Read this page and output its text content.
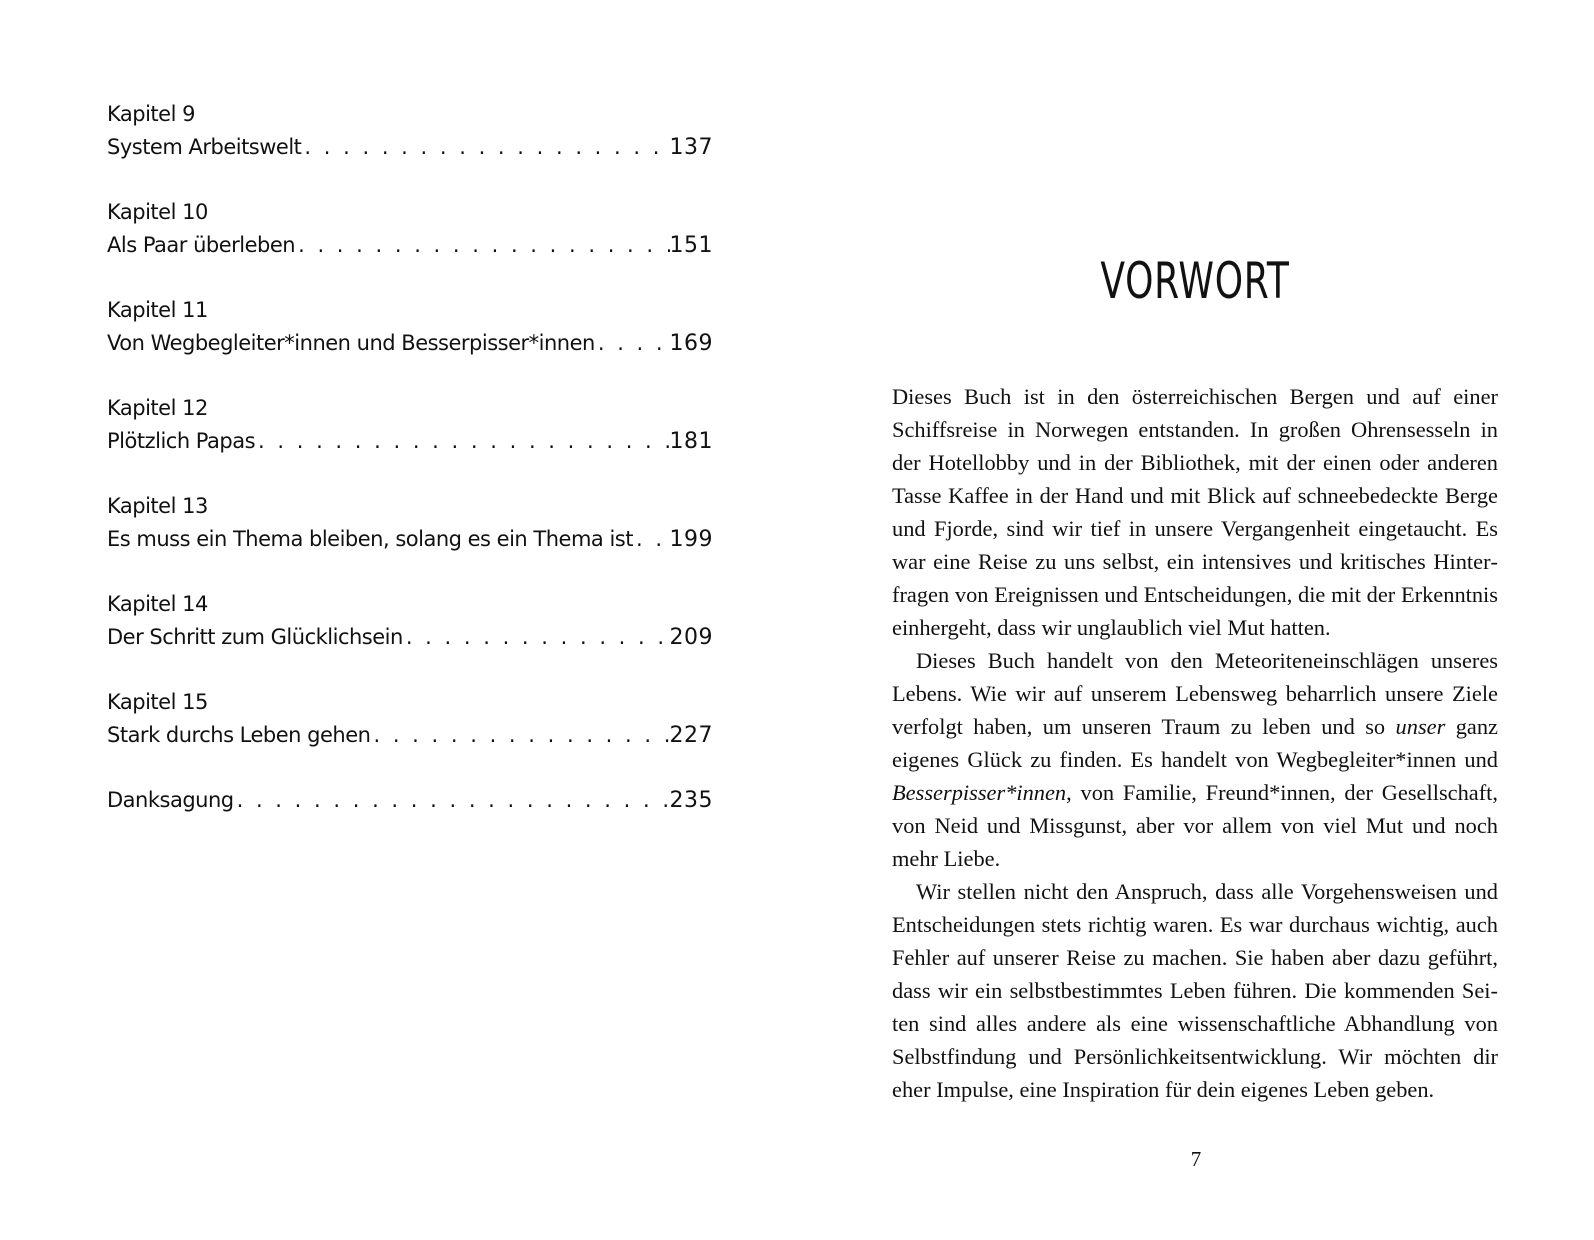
Kapitel 9
System Arbeitswelt . . .	137
Kapitel 10
Als Paar überleben . . .	151
Kapitel 11
Von Wegbegleiter*innen und Besserpisser*innen . . .	169
Kapitel 12
Plötzlich Papas . . .	181
Kapitel 13
Es muss ein Thema bleiben, solang es ein Thema ist . . . 199
Kapitel 14
Der Schritt zum Glücklichsein . . .	209
Kapitel 15
Stark durchs Leben gehen . . .	227
Danksagung . . .	235
VORWORT

Dieses Buch ist in den österreichischen Bergen und auf einer Schiffsreise in Norwegen entstanden. In großen Ohrensesseln in der Hotellobby und in der Bibliothek, mit der einen oder anderen Tasse Kaffee in der Hand und mit Blick auf schneebedeckte Berge und Fjorde, sind wir tief in unsere Vergangenheit eingetaucht. Es war eine Reise zu uns selbst, ein intensives und kritisches Hinterfragen von Ereignissen und Entscheidungen, die mit der Erkenntnis einhergeht, dass wir unglaublich viel Mut hatten.

Dieses Buch handelt von den Meteoriteneinschlägen unseres Lebens. Wie wir auf unserem Lebensweg beharrlich unsere Ziele verfolgt haben, um unseren Traum zu leben und so unser ganz eigenes Glück zu finden. Es handelt von Wegbegleiter*innen und Besserpisser*innen, von Familie, Freund*innen, der Gesellschaft, von Neid und Missgunst, aber vor allem von viel Mut und noch mehr Liebe.

Wir stellen nicht den Anspruch, dass alle Vorgehensweisen und Entscheidungen stets richtig waren. Es war durchaus wichtig, auch Fehler auf unserer Reise zu machen. Sie haben aber dazu geführt, dass wir ein selbstbestimmtes Leben führen. Die kommenden Seiten sind alles andere als eine wissenschaftliche Abhandlung von Selbstfindung und Persönlichkeitsentwicklung. Wir möchten dir eher Impulse, eine Inspiration für dein eigenes Leben geben.

7
